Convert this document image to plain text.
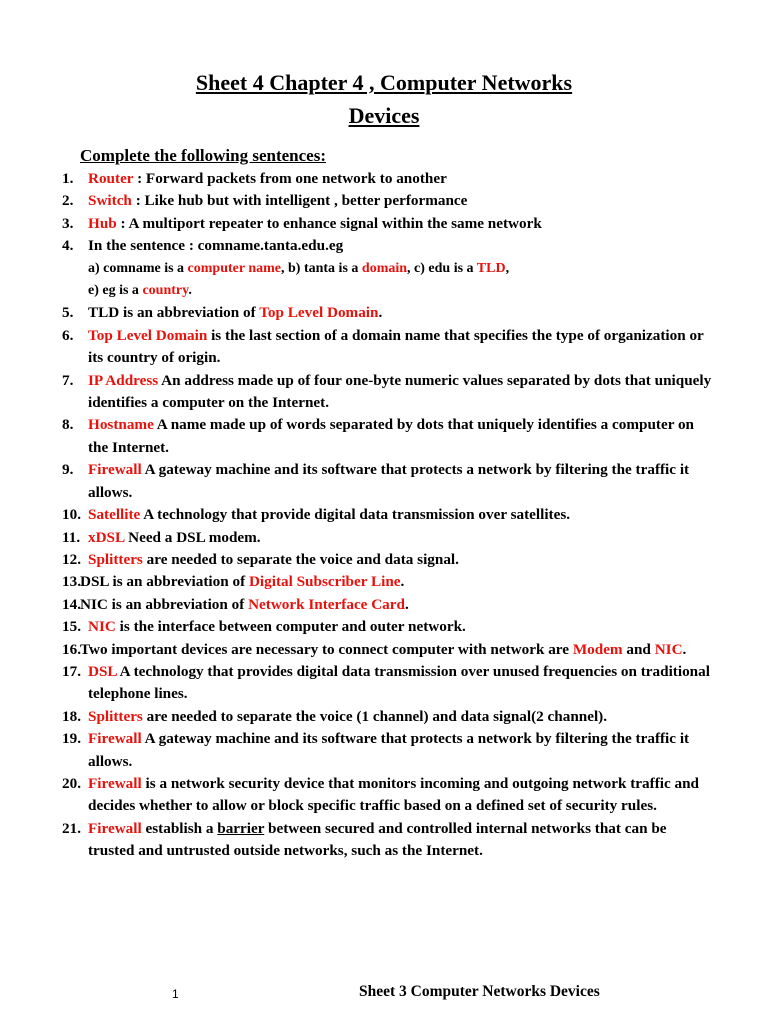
Sheet 4 Chapter 4 , Computer Networks
Devices

Complete the following sentences:

1. Router : Forward packets from one network to another
2. Switch : Like hub but with intelligent , better performance
3. Hub : A multiport repeater to enhance signal within the same network
4. In the sentence : comname.tanta.edu.eg
a) comname is a computer name, b) tanta is a domain, c) edu is a TLD,
e) eg is a country.
5. TLD is an abbreviation of Top Level Domain.
6. Top Level Domain is the last section of a domain name that specifies the type of organization or its country of origin.
7. IP Address An address made up of four one-byte numeric values separated by dots that uniquely identifies a computer on the Internet.
8. Hostname A name made up of words separated by dots that uniquely identifies a computer on the Internet.
9. Firewall A gateway machine and its software that protects a network by filtering the traffic it allows.
10. Satellite A technology that provide digital data transmission over satellites.
11. xDSL Need a DSL modem.
12. Splitters are needed to separate the voice and data signal.
13. DSL is an abbreviation of Digital Subscriber Line.
14. NIC is an abbreviation of Network Interface Card.
15. NIC is the interface between computer and outer network.
16. Two important devices are necessary to connect computer with network are Modem and NIC.
17. DSL A technology that provides digital data transmission over unused frequencies on traditional telephone lines.
18. Splitters are needed to separate the voice (1 channel) and data signal(2 channel).
19. Firewall A gateway machine and its software that protects a network by filtering the traffic it allows.
20. Firewall is a network security device that monitors incoming and outgoing network traffic and decides whether to allow or block specific traffic based on a defined set of security rules.
21. Firewall establish a barrier between secured and controlled internal networks that can be trusted and untrusted outside networks, such as the Internet.
1	Sheet 3 Computer Networks Devices
